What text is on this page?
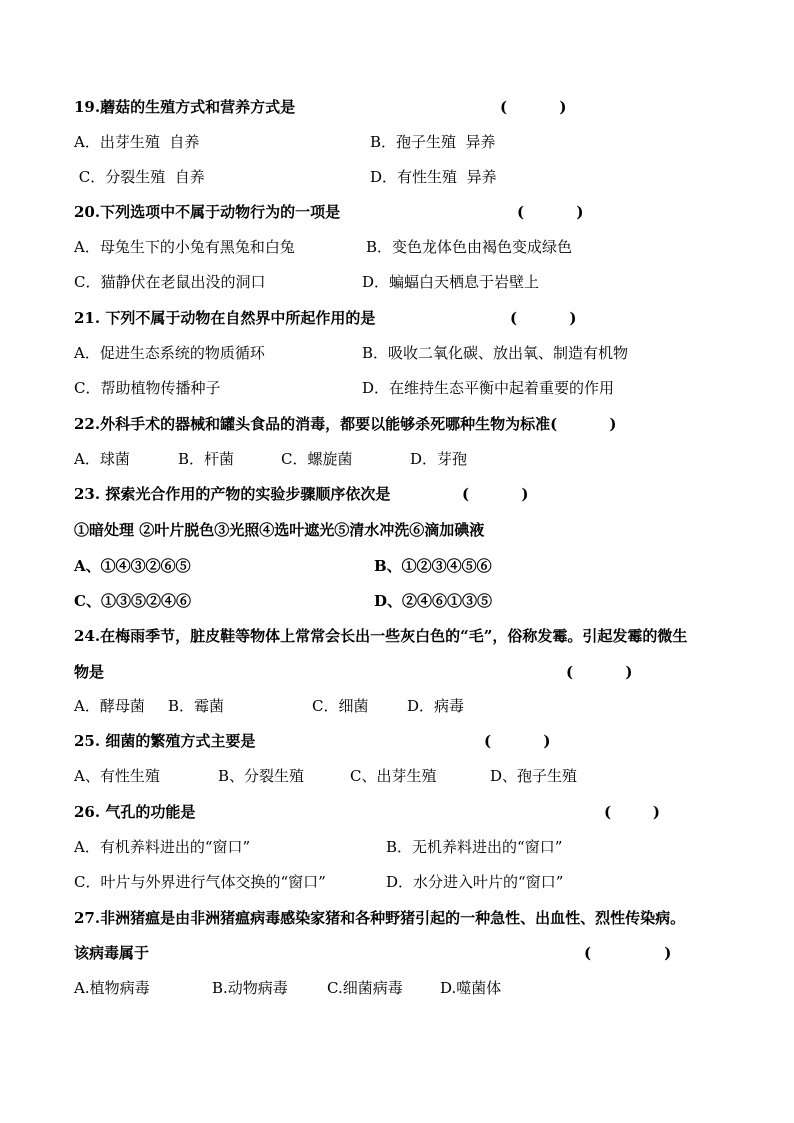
19.蘑菇的生殖方式和营养方式是	(          )
A．出芽生殖  自养	B．孢子生殖  异养
C．分裂生殖  自养	D．有性生殖  异养
20.下列选项中不属于动物行为的一项是	(          )
A．母兔生下的小兔有黑兔和白兔	B．变色龙体色由褐色变成绿色
C．猫静伏在老鼠出没的洞口	D．蝙蝠白天栖息于岩壁上
21. 下列不属于动物在自然界中所起作用的是	(          )
A．促进生态系统的物质循环	B．吸收二氧化碳、放出氧、制造有机物
C．帮助植物传播种子	D．在维持生态平衡中起着重要的作用
22.外科手术的器械和罐头食品的消毒，都要以能够杀死哪种生物为标准(          )
A．球菌	B．杆菌	C．螺旋菌	D．芽孢
23. 探索光合作用的产物的实验步骤顺序依次是	(          )
①暗处理 ②叶片脱色③光照④选叶遮光⑤清水冲洗⑥滴加碘液
A、①④③②⑥⑤	B、①②③④⑤⑥
C、①③⑤②④⑥	D、②④⑥①③⑤
24.在梅雨季节，脏皮鞋等物体上常常会长出一些灰白色的“毛”，俗称发霉。引起发霉的微生
物是	(          )
A．酵母菌 B．霉菌	C．细菌	D．病毒
25. 细菌的繁殖方式主要是	(          )
A、有性生殖	B、分裂生殖	C、出芽生殖	D、孢子生殖
26. 气孔的功能是	(        )
A．有机养料进出的“窗口”	B．无机养料进出的“窗口”
C．叶片与外界进行气体交换的“窗口”	D．水分进入叶片的“窗口”
27.非洲猪瘟是由非洲猪瘟病毒感染家猪和各种野猪引起的一种急性、出血性、烈性传染病。
该病毒属于	(              )
A.植物病毒	B.动物病毒	C.细菌病毒 D.噬菌体
